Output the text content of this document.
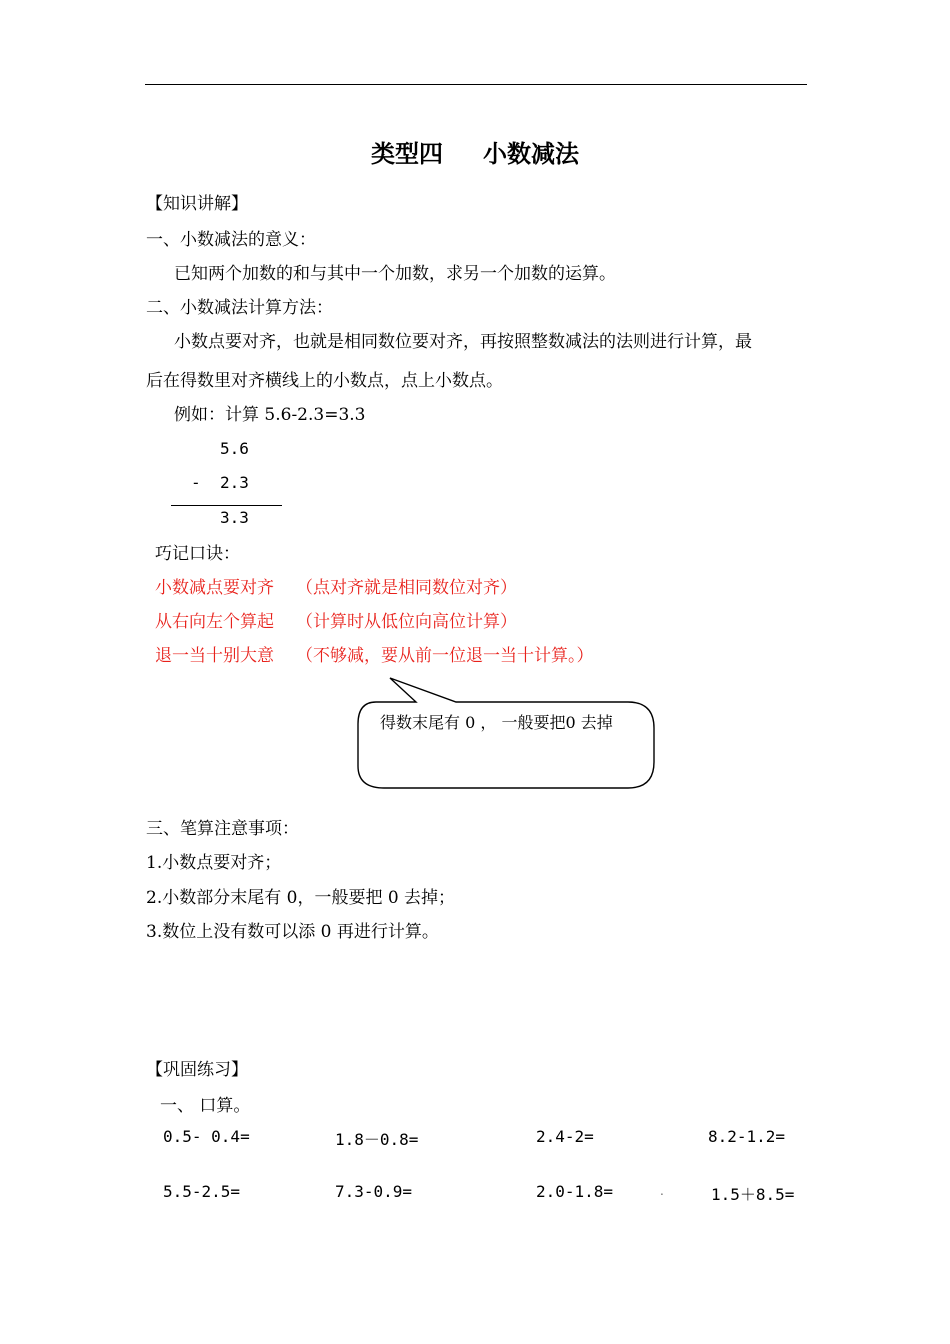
类型四 小数减法
【知识讲解】
一、小数减法的意义：
已知两个加数的和与其中一个加数，求另一个加数的运算。
二、小数减法计算方法：
小数点要对齐，也就是相同数位要对齐，再按照整数减法的法则进行计算，最
后在得数里对齐横线上的小数点，点上小数点。
例如：计算 5.6-2.3=3.3
5.6
- 2.3
3.3
巧记口诀：
小数减点要对齐 （点对齐就是相同数位对齐）
从右向左个算起 （计算时从低位向高位计算）
退一当十别大意 （不够减，要从前一位退一当十计算。）
得数末尾有 0 ， 一般要把0 去掉
三、笔算注意事项：
1.小数点要对齐；
2.小数部分末尾有 0，一般要把 0 去掉；
3.数位上没有数可以添 0 再进行计算。
【巩固练习】
一、 口算。
0.5- 0.4=	1.8－0.8=	2.4-2=	8.2-1.2=
5.5-2.5=	7.3-0.9=	2.0-1.8=	.	1.5＋8.5=
